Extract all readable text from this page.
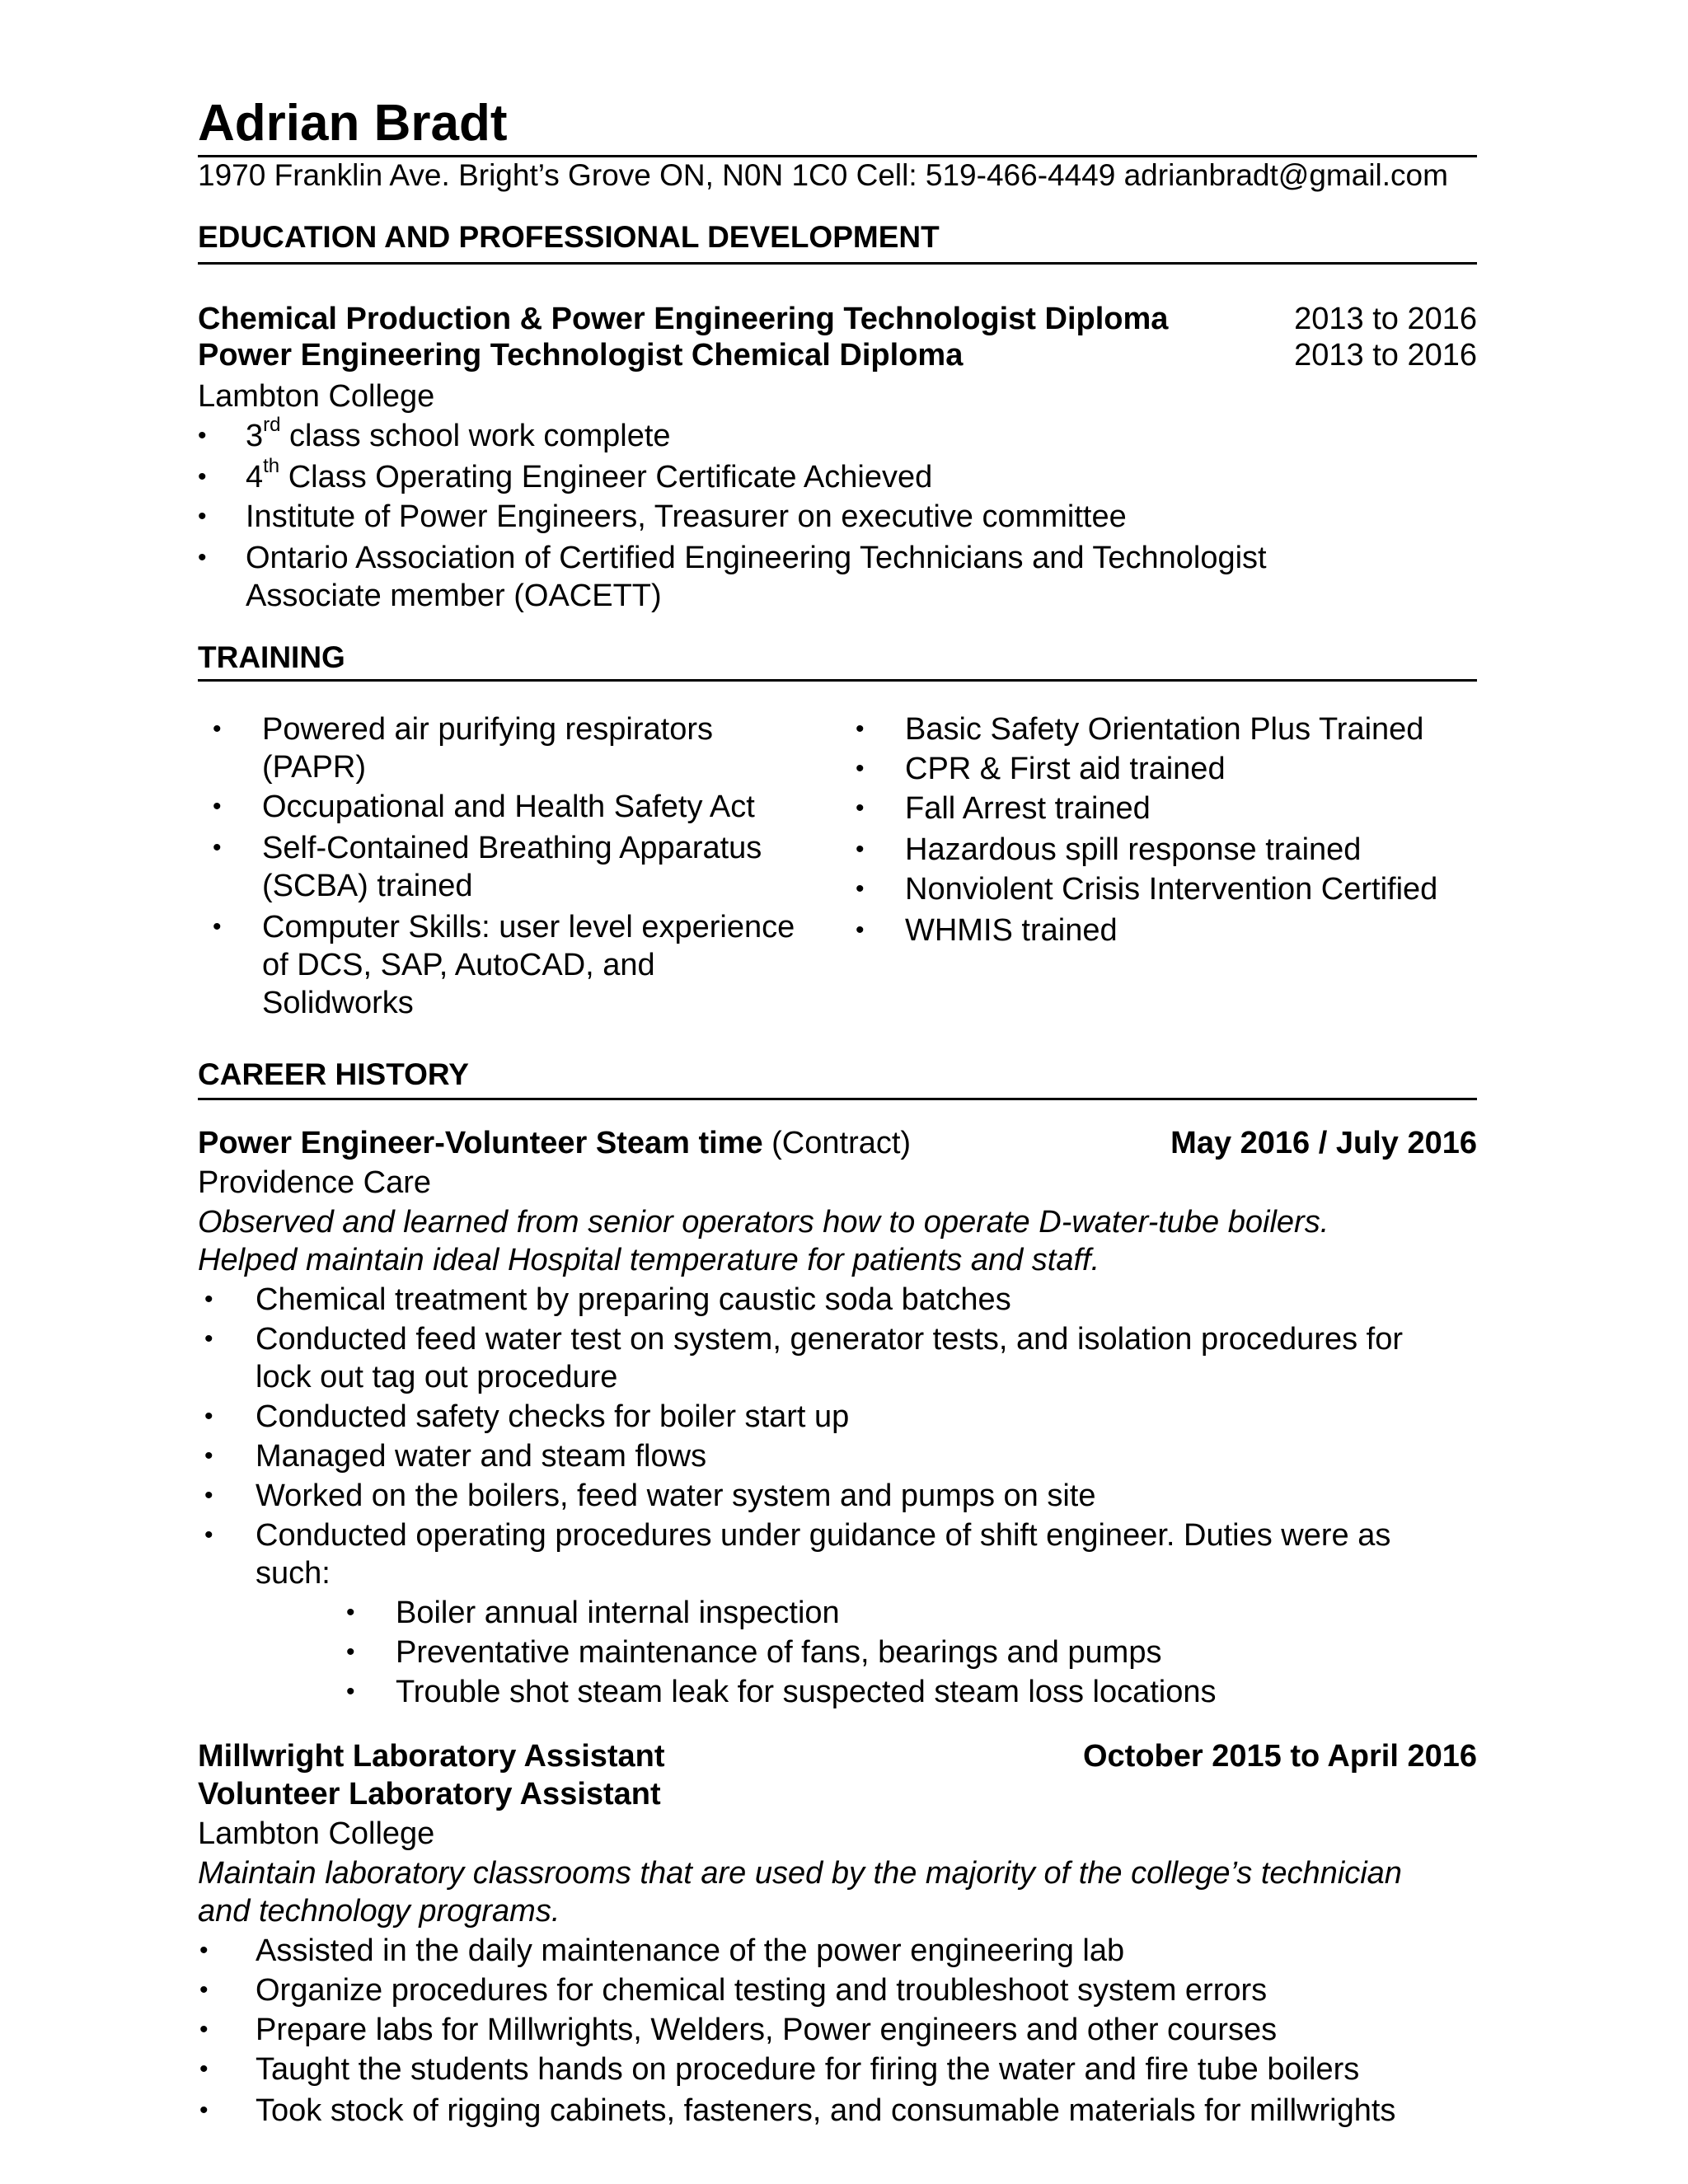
Adrian Bradt
1970 Franklin Ave. Bright’s Grove ON, N0N 1C0 Cell: 519-466-4449 adrianbradt@gmail.com
EDUCATION AND PROFESSIONAL DEVELOPMENT
Chemical Production & Power Engineering Technologist Diploma	2013 to 2016
Power Engineering Technologist Chemical Diploma	2013 to 2016
Lambton College
• 3rd class school work complete
• 4th Class Operating Engineer Certificate Achieved
• Institute of Power Engineers, Treasurer on executive committee
• Ontario Association of Certified Engineering Technicians and Technologist
Associate member (OACETT)
TRAINING
• Powered air purifying respirators
(PAPR)
• Occupational and Health Safety Act
• Self-Contained Breathing Apparatus
(SCBA) trained
• Computer Skills: user level experience
of DCS, SAP, AutoCAD, and
Solidworks
• Basic Safety Orientation Plus Trained
• CPR & First aid trained
• Fall Arrest trained
• Hazardous spill response trained
• Nonviolent Crisis Intervention Certified
• WHMIS trained
CAREER HISTORY
Power Engineer-Volunteer Steam time (Contract)	May 2016 / July 2016
Providence Care
Observed and learned from senior operators how to operate D-water-tube boilers.
Helped maintain ideal Hospital temperature for patients and staff.
• Chemical treatment by preparing caustic soda batches
• Conducted feed water test on system, generator tests, and isolation procedures for
lock out tag out procedure
• Conducted safety checks for boiler start up
• Managed water and steam flows
• Worked on the boilers, feed water system and pumps on site
• Conducted operating procedures under guidance of shift engineer. Duties were as
such:
• Boiler annual internal inspection
• Preventative maintenance of fans, bearings and pumps
• Trouble shot steam leak for suspected steam loss locations
Millwright Laboratory Assistant	October 2015 to April 2016
Volunteer Laboratory Assistant
Lambton College
Maintain laboratory classrooms that are used by the majority of the college’s technician
and technology programs.
• Assisted in the daily maintenance of the power engineering lab
• Organize procedures for chemical testing and troubleshoot system errors
• Prepare labs for Millwrights, Welders, Power engineers and other courses
• Taught the students hands on procedure for firing the water and fire tube boilers
• Took stock of rigging cabinets, fasteners, and consumable materials for millwrights
